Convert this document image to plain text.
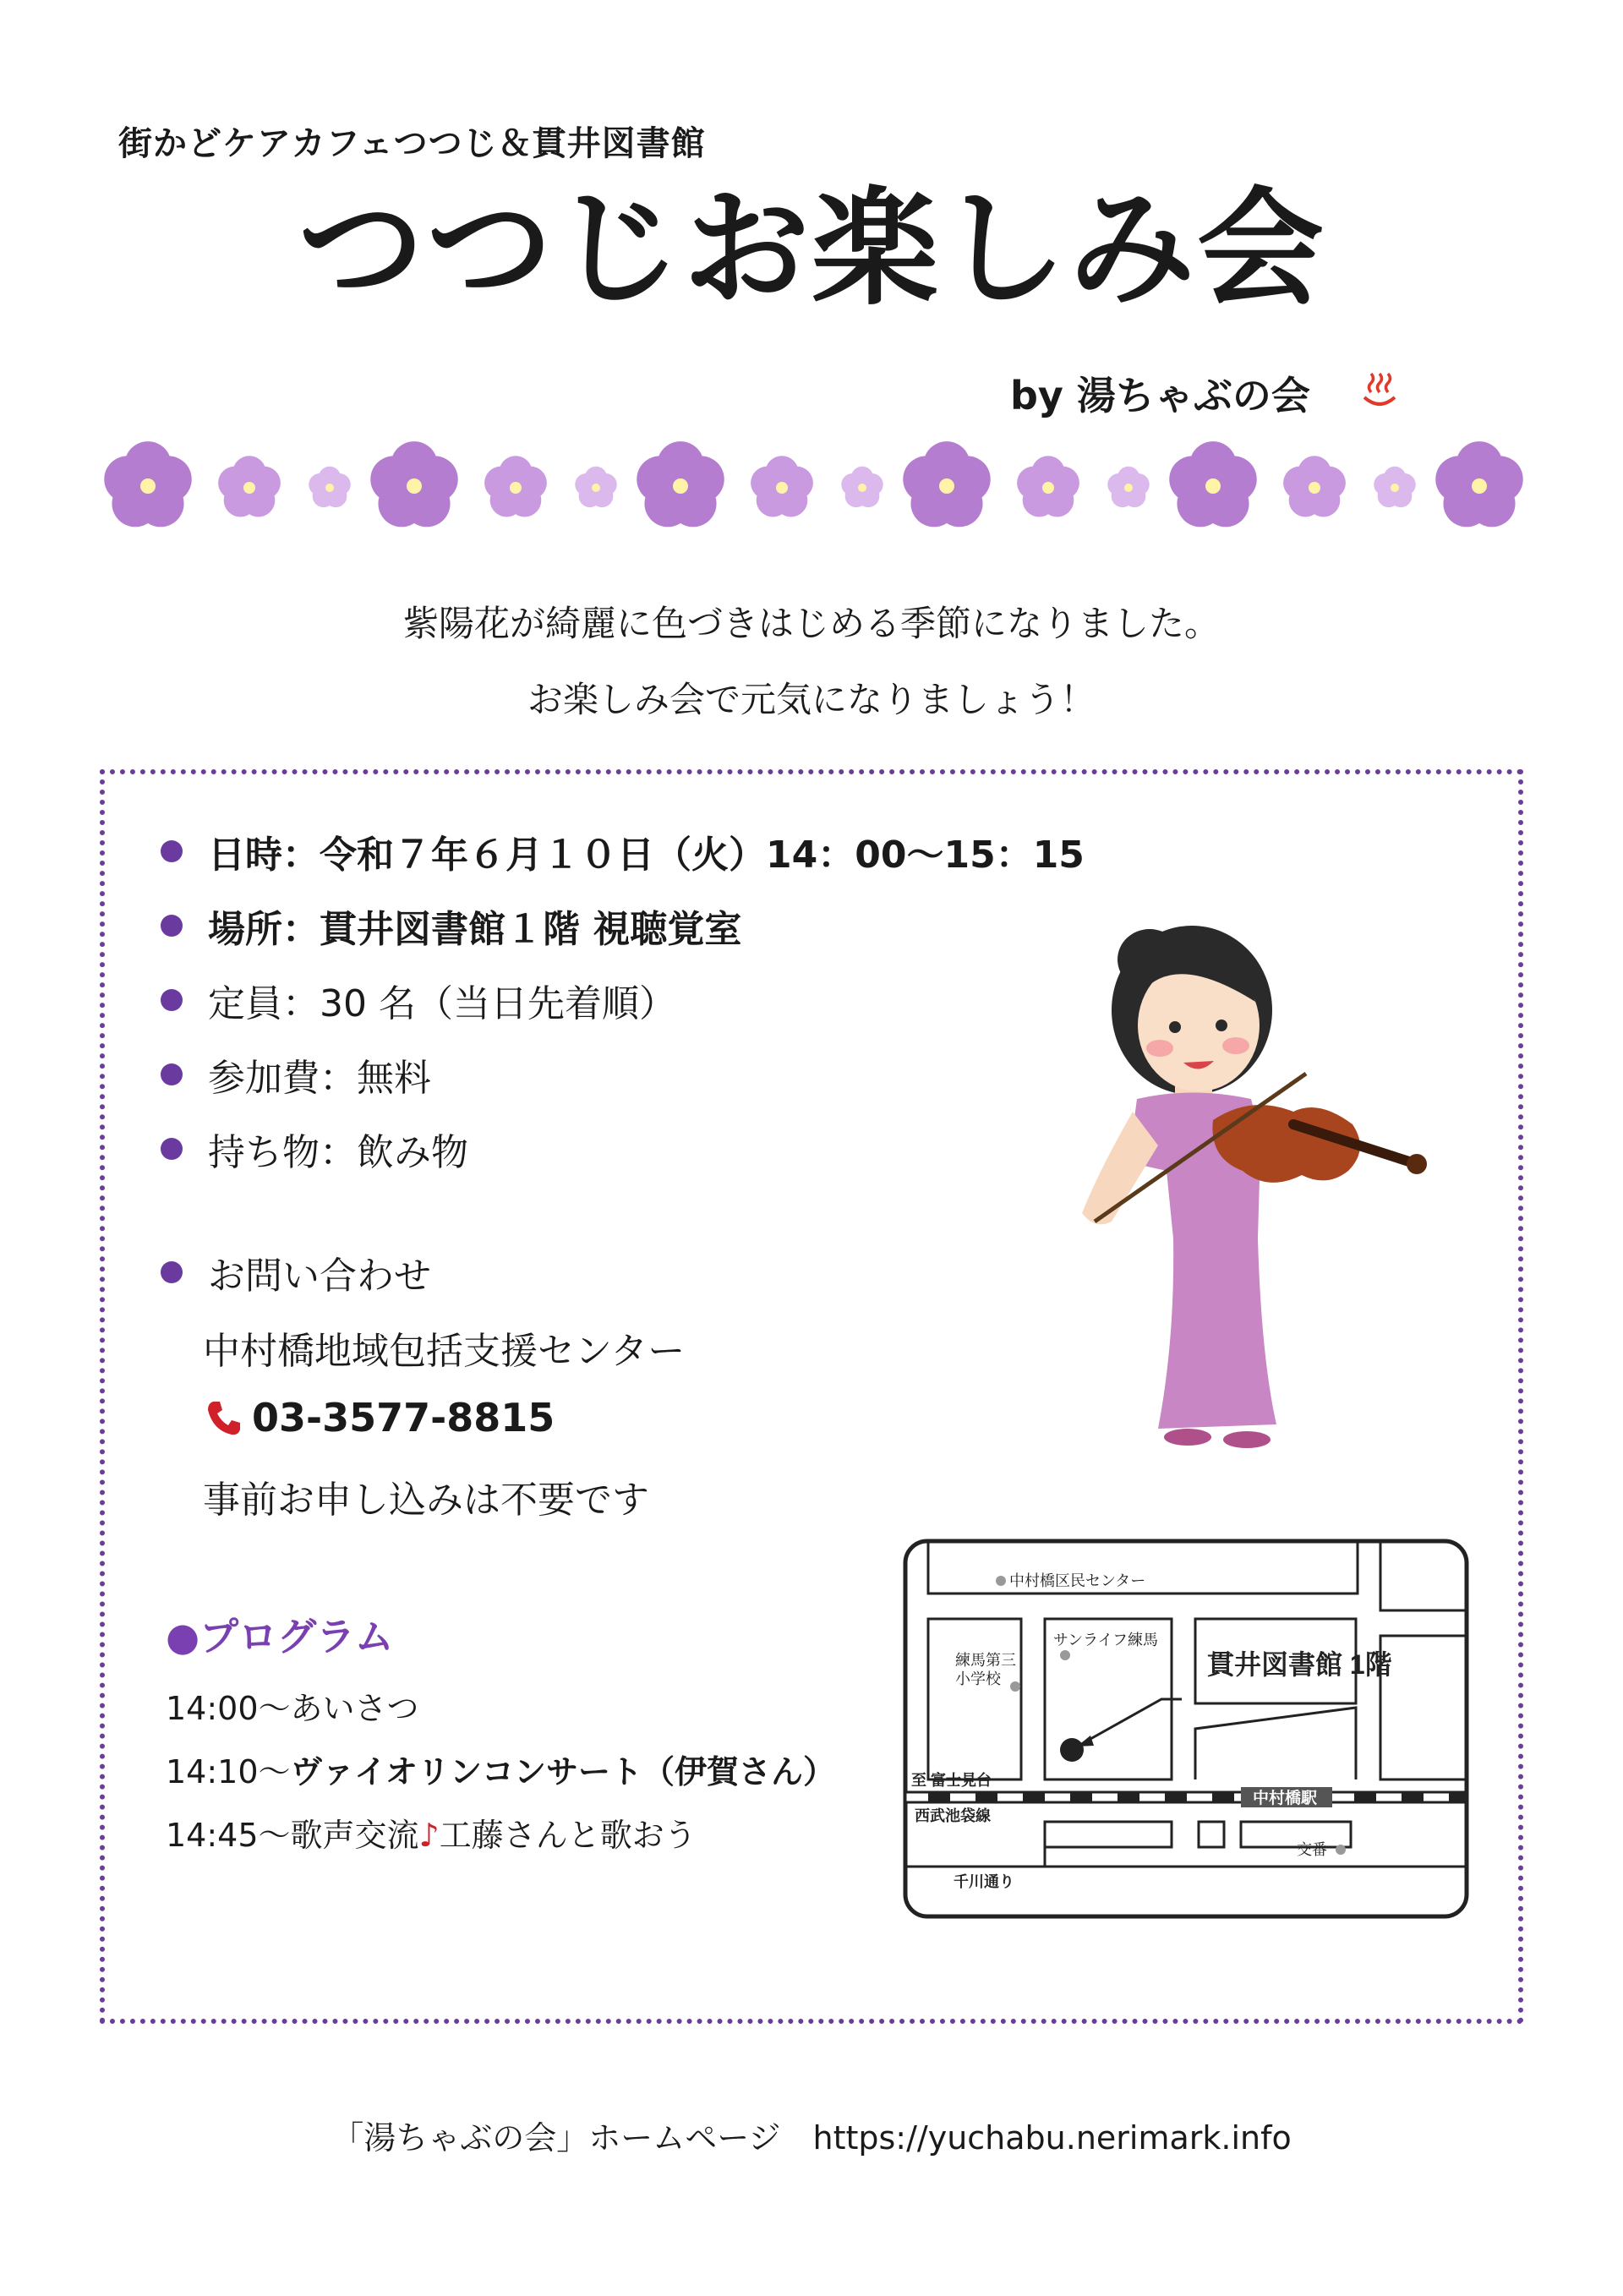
街かどケアカフェつつじ＆貫井図書館
つつじお楽しみ会
by 湯ちゃぶの会
紫陽花が綺麗に色づきはじめる季節になりました。
お楽しみ会で元気になりましょう！
日時：令和７年６月１０日（火）14：00～15：15
場所：貫井図書館１階 視聴覚室
定員：30 名（当日先着順）
参加費：無料
持ち物：飲み物
お問い合わせ
中村橋地域包括支援センター
03-3577-8815
事前お申し込みは不要です
●プログラム
14:00～あいさつ
14:10～ヴァイオリンコンサート（伊賀さん）
14:45～歌声交流♪工藤さんと歌おう
中村橋区民センター
サンライフ練馬
練馬第三
小学校	貫井図書館 1階
至 富士見台
西武池袋線
中村橋駅
交番
千川通り
「湯ちゃぶの会」ホームページ　https://yuchabu.nerimark.info
